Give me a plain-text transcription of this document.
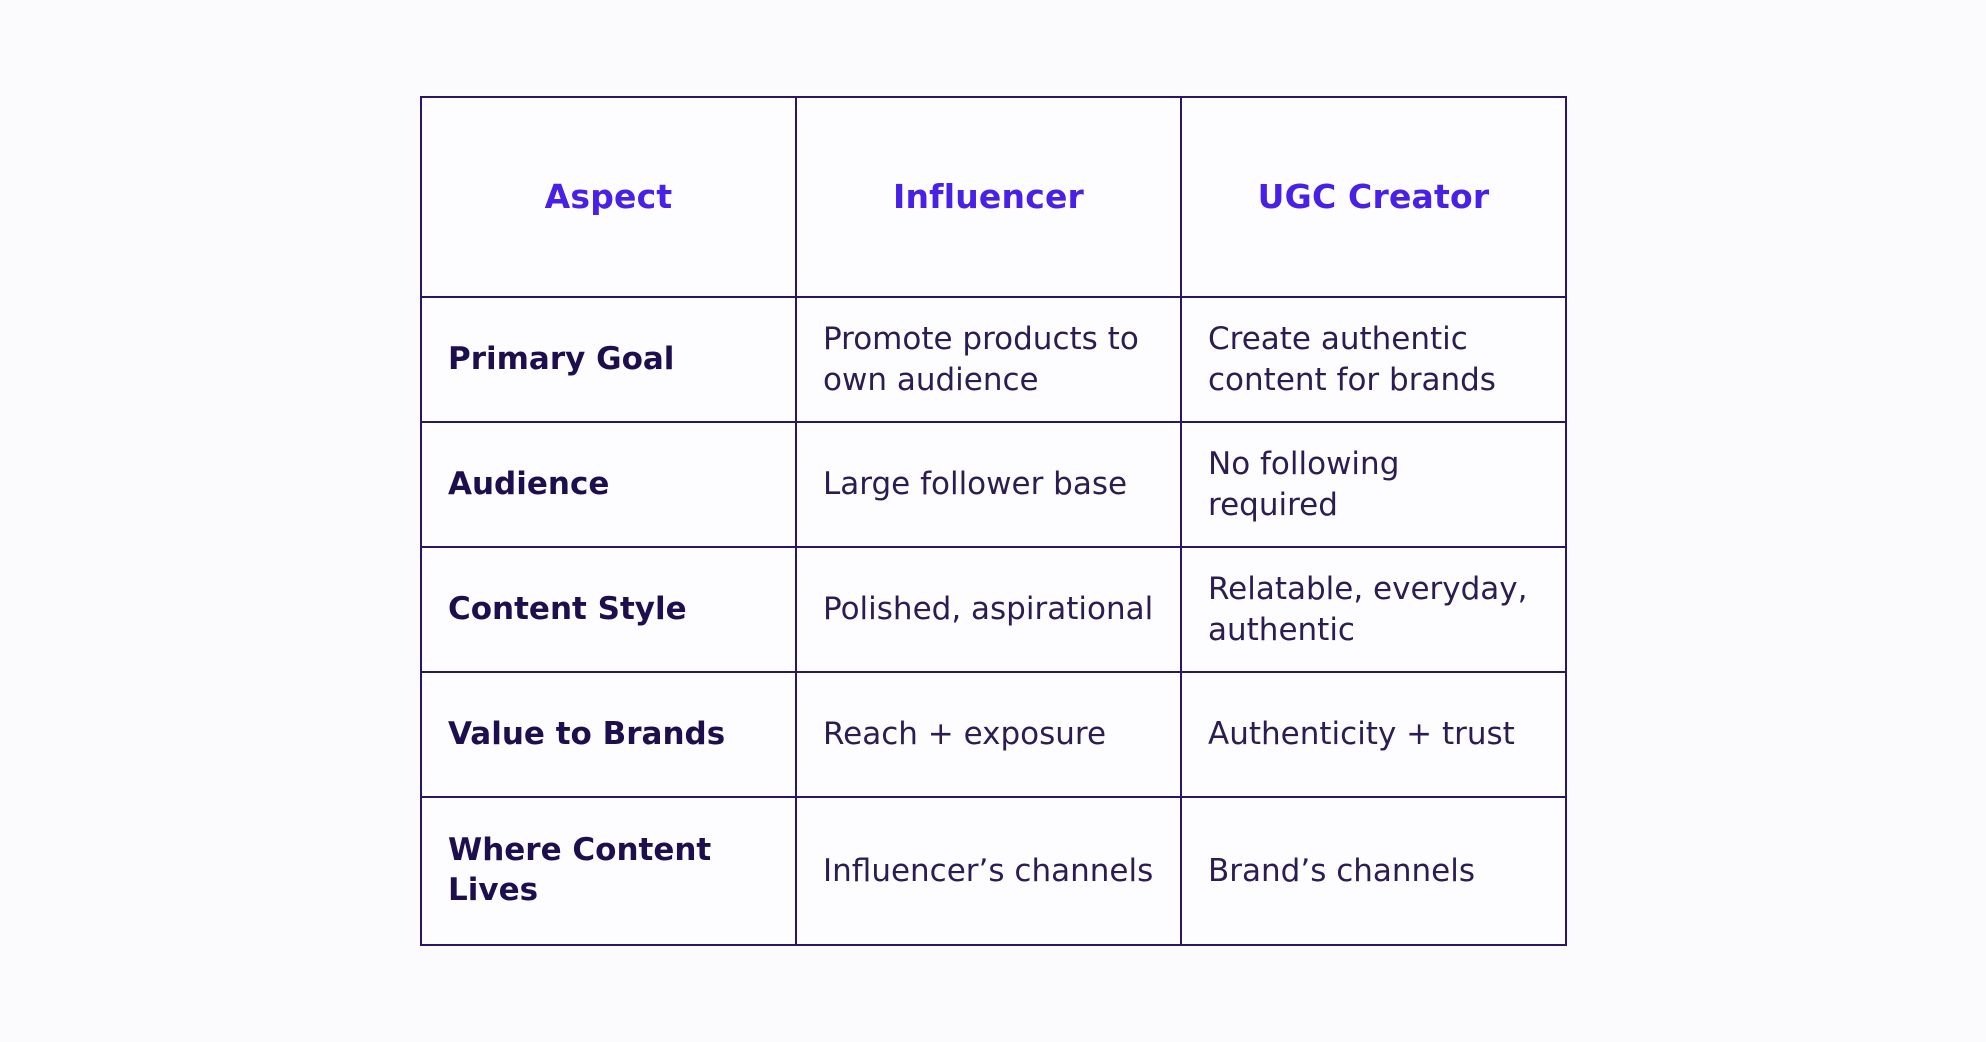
Aspect	Influencer	UGC Creator

Primary Goal	Promote products to own audience	Create authentic content for brands

Audience	Large follower base	No following required

Content Style	Polished, aspirational	Relatable, everyday, authentic

Value to Brands	Reach + exposure	Authenticity + trust

Where Content Lives	Influencer’s channels	Brand’s channels
